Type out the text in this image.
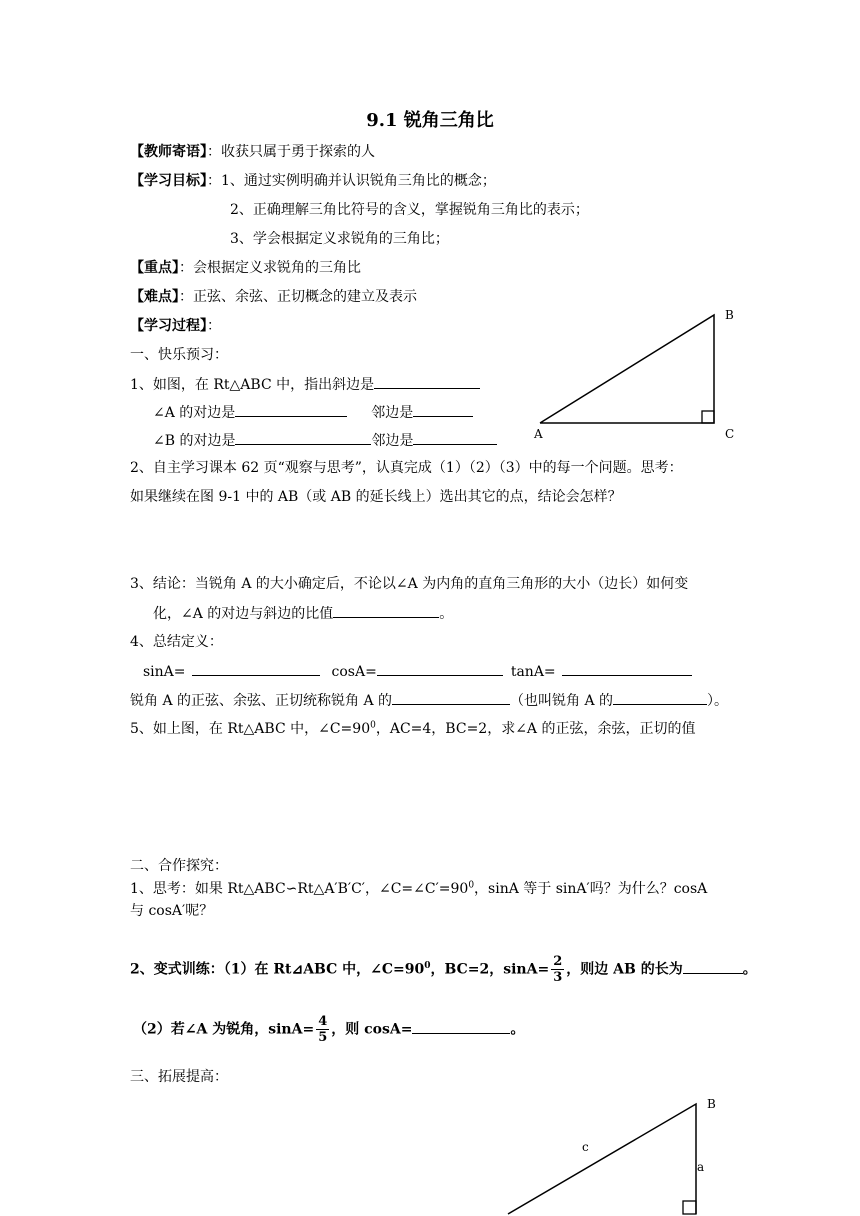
9.1 锐角三角比
【教师寄语】：收获只属于勇于探索的人
【学习目标】：1、通过实例明确并认识锐角三角比的概念；
2、正确理解三角比符号的含义，掌握锐角三角比的表示；
3、学会根据定义求锐角的三角比；
【重点】：会根据定义求锐角的三角比
【难点】：正弦、余弦、正切概念的建立及表示
【学习过程】：
一、快乐预习：
1、如图，在 Rt△ABC 中，指出斜边是
∠A 的对边是	邻边是
∠B 的对边是	邻边是	A
B
C
2、自主学习课本 62 页“观察与思考”，认真完成（1）（2）（3）中的每一个问题。思考：
如果继续在图 9-1 中的 AB（或 AB 的延长线上）选出其它的点，结论会怎样？
3、结论：当锐角 A 的大小确定后，不论以∠A 为内角的直角三角形的大小（边长）如何变
化，∠A 的对边与斜边的比值	。
4、总结定义：
sinA=	cosA=	tanA=
锐角 A 的正弦、余弦、正切统称锐角 A 的	（也叫锐角 A 的	）。
5、如上图，在 Rt△ABC 中，$\angle C=90^0$，AC=4，BC=2，求∠A 的正弦，余弦，正切的值
二、合作探究：
1、思考：如果 Rt△ABC∽Rt△A′B′C′，$\angle C=\angle C'=90^0$，sinA 等于 sinA′吗？为什么？cosA
与 cosA′呢？
2、变式训练：（1）在 Rt⊿ABC 中，$\angle C=90^0$，BC=2，$\sin A= \frac{2}{3}$ ，则边 AB 的长为	。
（2）若∠A 为锐角，$\sin A= \frac{4}{5}$ ，则 cosA=	。
三、拓展提高：
B
a
c
